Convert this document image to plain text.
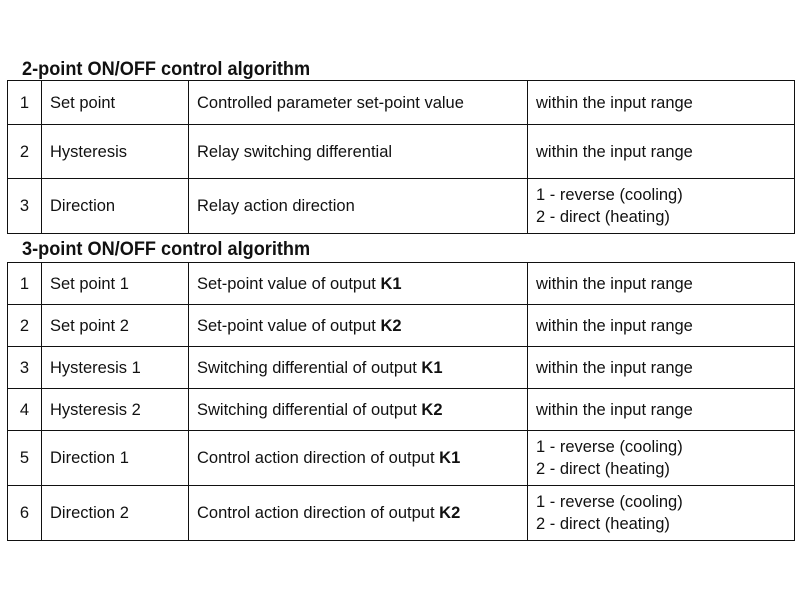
2-point ON/OFF control algorithm
1	Set point	Controlled parameter set-point value	within the input range

2	Hysteresis	Relay switching differential	within the input range

3	Direction	Relay action direction	1 - reverse (cooling)
2 - direct (heating)
3-point ON/OFF control algorithm
1	Set point 1	Set-point value of output K1	within the input range

2	Set point 2	Set-point value of output K2	within the input range

3	Hysteresis 1	Switching differential of output K1	within the input range

4	Hysteresis 2	Switching differential of output K2	within the input range

5	Direction 1	Control action direction of output K1	1 - reverse (cooling)
2 - direct (heating)

6	Direction 2	Control action direction of output K2	1 - reverse (cooling)
2 - direct (heating)
